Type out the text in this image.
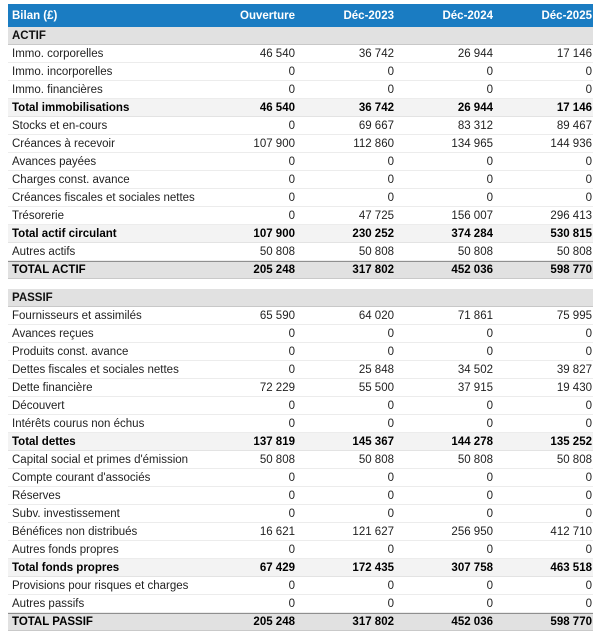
Bilan (£)	Ouverture	Déc-2023	Déc-2024	Déc-2025
ACTIF
Immo. corporelles	46 540	36 742	26 944	17 146
Immo. incorporelles	0	0	0	0
Immo. financières	0	0	0	0
Total immobilisations	46 540	36 742	26 944	17 146
Stocks et en-cours	0	69 667	83 312	89 467
Créances à recevoir	107 900	112 860	134 965	144 936
Avances payées	0	0	0	0
Charges const. avance	0	0	0	0
Créances fiscales et sociales nettes	0	0	0	0
Trésorerie	0	47 725	156 007	296 413
Total actif circulant	107 900	230 252	374 284	530 815
Autres actifs	50 808	50 808	50 808	50 808
TOTAL ACTIF	205 248	317 802	452 036	598 770
PASSIF
Fournisseurs et assimilés	65 590	64 020	71 861	75 995
Avances reçues	0	0	0	0
Produits const. avance	0	0	0	0
Dettes fiscales et sociales nettes	0	25 848	34 502	39 827
Dette financière	72 229	55 500	37 915	19 430
Découvert	0	0	0	0
Intérêts courus non échus	0	0	0	0
Total dettes	137 819	145 367	144 278	135 252
Capital social et primes d'émission	50 808	50 808	50 808	50 808
Compte courant d'associés	0	0	0	0
Réserves	0	0	0	0
Subv. investissement	0	0	0	0
Bénéfices non distribués	16 621	121 627	256 950	412 710
Autres fonds propres	0	0	0	0
Total fonds propres	67 429	172 435	307 758	463 518
Provisions pour risques et charges	0	0	0	0
Autres passifs	0	0	0	0
TOTAL PASSIF	205 248	317 802	452 036	598 770
